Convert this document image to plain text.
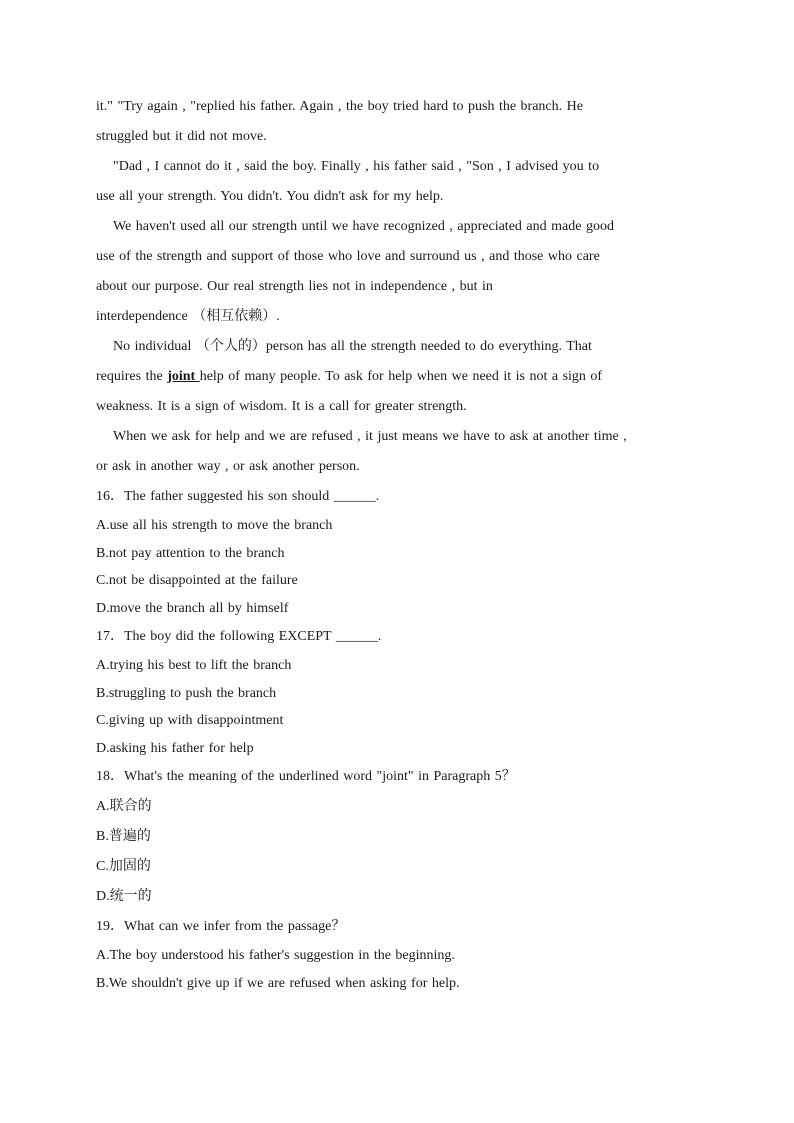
it." "Try again , "replied his father. Again , the boy tried hard to push the branch. He
struggled but it did not move.
"Dad , I cannot do it , said the boy. Finally , his father said , "Son , I advised you to
use all your strength. You didn't. You didn't ask for my help.
We haven't used all our strength until we have recognized , appreciated and made good
use of the strength and support of those who love and surround us , and those who care
about our purpose. Our real strength lies not in independence , but in
interdependence （相互依赖）.
No individual （个人的）person has all the strength needed to do everything. That
requires the joint help of many people. To ask for help when we need it is not a sign of
weakness. It is a sign of wisdom. It is a call for greater strength.
When we ask for help and we are refused , it just means we have to ask at another time ,
or ask in another way , or ask another person.
16．The father suggested his son should ______.
A.use all his strength to move the branch
B.not pay attention to the branch
C.not be disappointed at the failure
D.move the branch all by himself
17．The boy did the following EXCEPT ______.
A.trying his best to lift the branch
B.struggling to push the branch
C.giving up with disappointment
D.asking his father for help
18．What's the meaning of the underlined word "joint" in Paragraph 5？
A.联合的
B.普遍的
C.加固的
D.统一的
19．What can we infer from the passage？
A.The boy understood his father's suggestion in the beginning.
B.We shouldn't give up if we are refused when asking for help.
